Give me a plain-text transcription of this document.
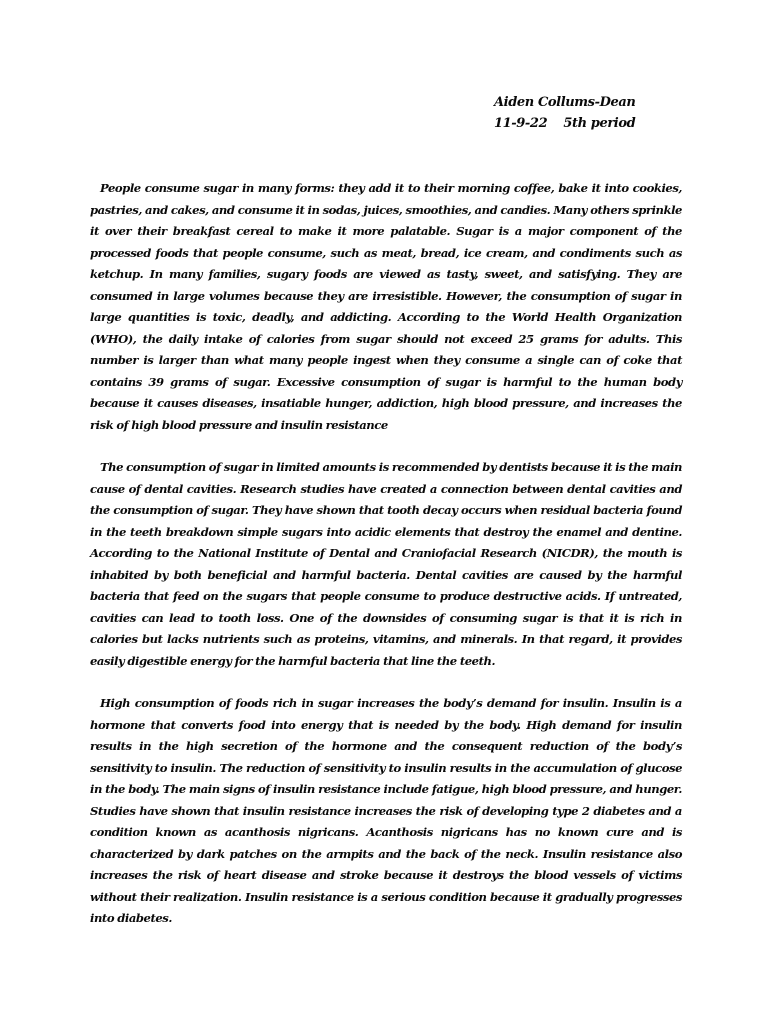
Aiden Collums-Dean
11-9-22 5th period

People consume sugar in many forms: they add it to their morning coffee, bake it into cookies, pastries, and cakes, and consume it in sodas, juices, smoothies, and candies. Many others sprinkle it over their breakfast cereal to make it more palatable. Sugar is a major component of the processed foods that people consume, such as meat, bread, ice cream, and condiments such as ketchup. In many families, sugary foods are viewed as tasty, sweet, and satisfying. They are consumed in large volumes because they are irresistible. However, the consumption of sugar in large quantities is toxic, deadly, and addicting. According to the World Health Organization (WHO), the daily intake of calories from sugar should not exceed 25 grams for adults. This number is larger than what many people ingest when they consume a single can of coke that contains 39 grams of sugar. Excessive consumption of sugar is harmful to the human body because it causes diseases, insatiable hunger, addiction, high blood pressure, and increases the risk of high blood pressure and insulin resistance

The consumption of sugar in limited amounts is recommended by dentists because it is the main cause of dental cavities. Research studies have created a connection between dental cavities and the consumption of sugar. They have shown that tooth decay occurs when residual bacteria found in the teeth breakdown simple sugars into acidic elements that destroy the enamel and dentine. According to the National Institute of Dental and Craniofacial Research (NICDR), the mouth is inhabited by both beneficial and harmful bacteria. Dental cavities are caused by the harmful bacteria that feed on the sugars that people consume to produce destructive acids. If untreated, cavities can lead to tooth loss. One of the downsides of consuming sugar is that it is rich in calories but lacks nutrients such as proteins, vitamins, and minerals. In that regard, it provides easily digestible energy for the harmful bacteria that line the teeth.

High consumption of foods rich in sugar increases the body’s demand for insulin. Insulin is a hormone that converts food into energy that is needed by the body. High demand for insulin results in the high secretion of the hormone and the consequent reduction of the body’s sensitivity to insulin. The reduction of sensitivity to insulin results in the accumulation of glucose in the body. The main signs of insulin resistance include fatigue, high blood pressure, and hunger. Studies have shown that insulin resistance increases the risk of developing type 2 diabetes and a condition known as acanthosis nigricans. Acanthosis nigricans has no known cure and is characterized by dark patches on the armpits and the back of the neck. Insulin resistance also increases the risk of heart disease and stroke because it destroys the blood vessels of victims without their realization. Insulin resistance is a serious condition because it gradually progresses into diabetes.
